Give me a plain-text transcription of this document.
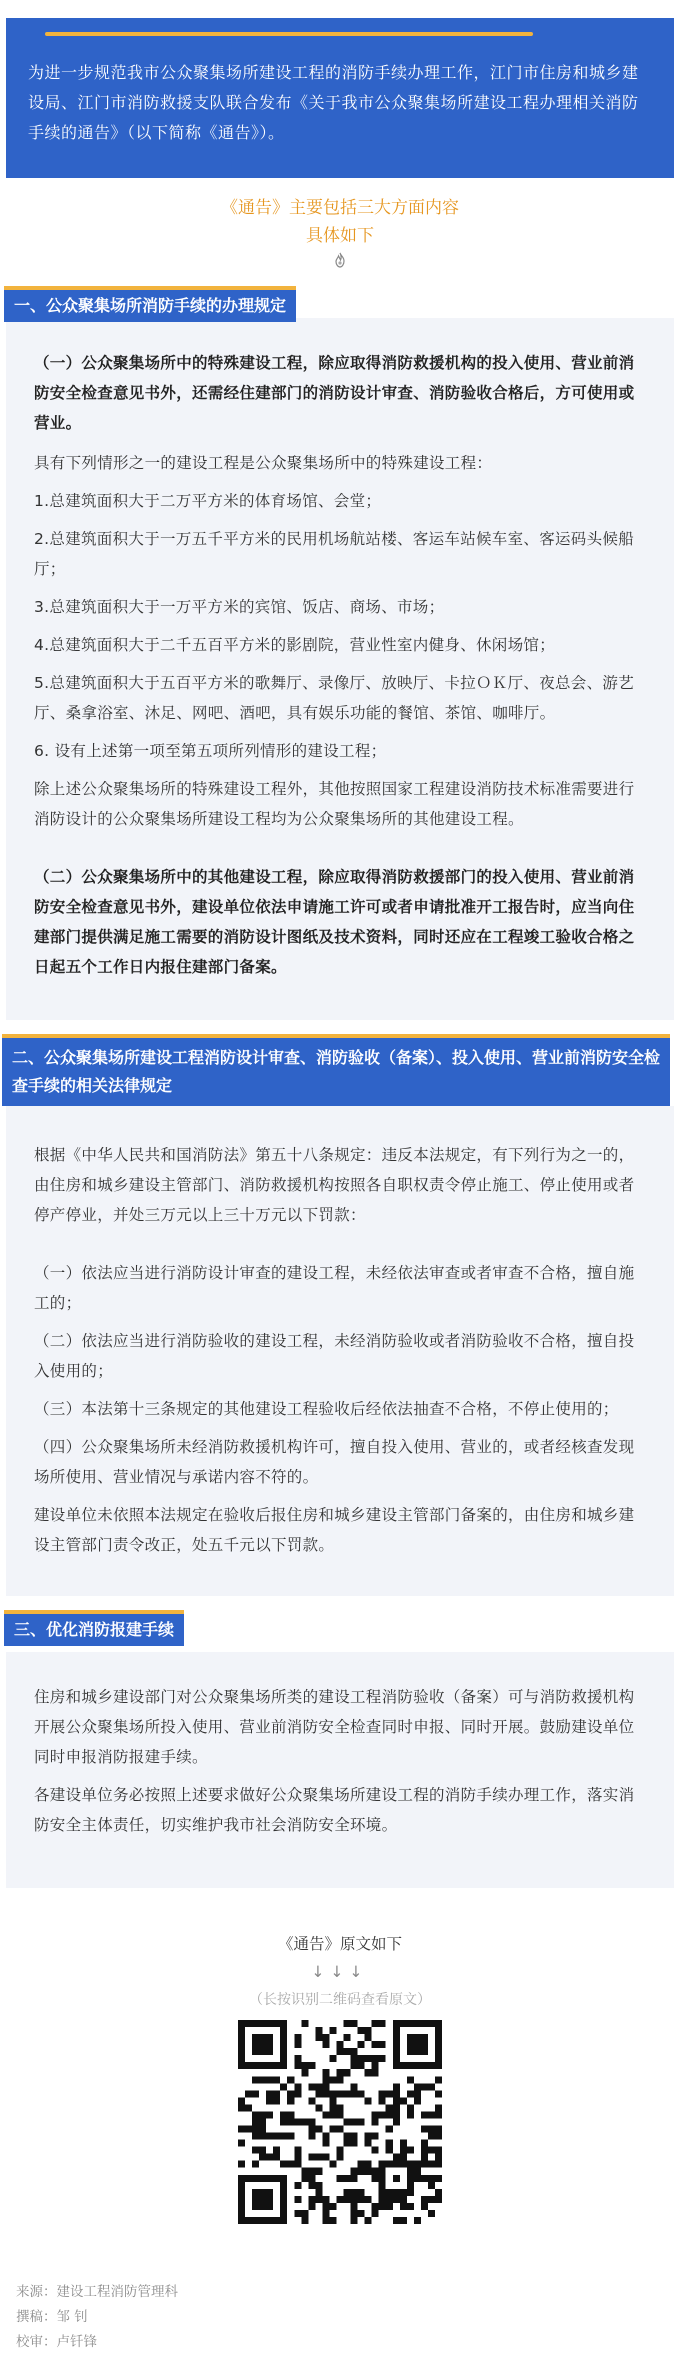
为进一步规范我市公众聚集场所建设工程的消防手续办理工作，江门市住房和城乡建设局、江门市消防救援支队联合发布《关于我市公众聚集场所建设工程办理相关消防手续的通告》（以下简称《通告》）。

《通告》主要包括三大方面内容
具体如下
一、公众聚集场所消防手续的办理规定

（一）公众聚集场所中的特殊建设工程，除应取得消防救援机构的投入使用、营业前消防安全检查意见书外，还需经住建部门的消防设计审查、消防验收合格后，方可使用或营业。

具有下列情形之一的建设工程是公众聚集场所中的特殊建设工程：

1.总建筑面积大于二万平方米的体育场馆、会堂；

2.总建筑面积大于一万五千平方米的民用机场航站楼、客运车站候车室、客运码头候船厅；

3.总建筑面积大于一万平方米的宾馆、饭店、商场、市场；

4.总建筑面积大于二千五百平方米的影剧院，营业性室内健身、休闲场馆；

5.总建筑面积大于五百平方米的歌舞厅、录像厅、放映厅、卡拉ＯＫ厅、夜总会、游艺厅、桑拿浴室、沐足、网吧、酒吧，具有娱乐功能的餐馆、茶馆、咖啡厅。

6. 设有上述第一项至第五项所列情形的建设工程；

除上述公众聚集场所的特殊建设工程外，其他按照国家工程建设消防技术标准需要进行消防设计的公众聚集场所建设工程均为公众聚集场所的其他建设工程。

（二）公众聚集场所中的其他建设工程，除应取得消防救援部门的投入使用、营业前消防安全检查意见书外，建设单位依法申请施工许可或者申请批准开工报告时，应当向住建部门提供满足施工需要的消防设计图纸及技术资料，同时还应在工程竣工验收合格之日起五个工作日内报住建部门备案。

二、公众聚集场所建设工程消防设计审查、消防验收（备案）、投入使用、营业前消防安全检查手续的相关法律规定

根据《中华人民共和国消防法》第五十八条规定：违反本法规定，有下列行为之一的，由住房和城乡建设主管部门、消防救援机构按照各自职权责令停止施工、停止使用或者停产停业，并处三万元以上三十万元以下罚款：

（一）依法应当进行消防设计审查的建设工程，未经依法审查或者审查不合格，擅自施工的；

（二）依法应当进行消防验收的建设工程，未经消防验收或者消防验收不合格，擅自投入使用的；

（三）本法第十三条规定的其他建设工程验收后经依法抽查不合格，不停止使用的；

（四）公众聚集场所未经消防救援机构许可，擅自投入使用、营业的，或者经核查发现场所使用、营业情况与承诺内容不符的。

建设单位未依照本法规定在验收后报住房和城乡建设主管部门备案的，由住房和城乡建设主管部门责令改正，处五千元以下罚款。

三、优化消防报建手续

住房和城乡建设部门对公众聚集场所类的建设工程消防验收（备案）可与消防救援机构开展公众聚集场所投入使用、营业前消防安全检查同时申报、同时开展。鼓励建设单位同时申报消防报建手续。

各建设单位务必按照上述要求做好公众聚集场所建设工程的消防手续办理工作，落实消防安全主体责任，切实维护我市社会消防安全环境。

《通告》原文如下
↓↓↓
（长按识别二维码查看原文）
来源：建设工程消防管理科
撰稿：邹 钊
校审：卢钎锋
